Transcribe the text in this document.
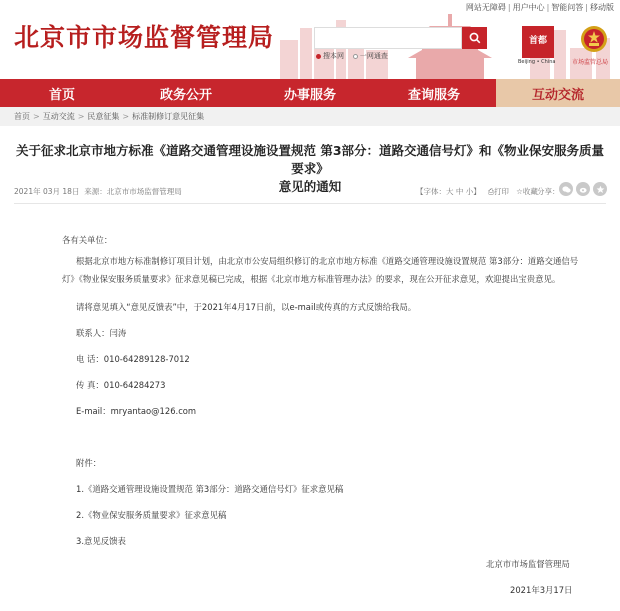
北京市市场监督管理局
网站无障碍 | 用户中心 | 智能问答 | 移动版
搜本网 一网通查
首都
Beijing • China	市场监管总局
首页	政务公开	办事服务	查询服务	互动交流
首页 > 互动交流 > 民意征集 > 标准制修订意见征集
关于征求北京市地方标准《道路交通管理设施设置规范 第3部分：道路交通信号灯》和《物业保安服务质量要求》
意见的通知
2021年 03月 18日 来源：北京市市场监督管理局	【字体：大 中 小】 ⎙打印 ☆收藏 分享：
各有关单位：
根据北京市地方标准制修订项目计划，由北京市公安局组织修订的北京市地方标准《道路交通管理设施设置规范 第3部分：道路交通信号
灯》《物业保安服务质量要求》征求意见稿已完成，根据《北京市地方标准管理办法》的要求，现在公开征求意见，欢迎提出宝贵意见。
请将意见填入“意见反馈表”中，于2021年4月17日前，以e-mail或传真的方式反馈给我局。
联系人：闫涛
电 话：010-64289128-7012
传 真：010-64284273
E-mail：mryantao@126.com
附件：
1.《道路交通管理设施设置规范 第3部分：道路交通信号灯》征求意见稿
2.《物业保安服务质量要求》征求意见稿
3.意见反馈表
北京市市场监督管理局
2021年3月17日
